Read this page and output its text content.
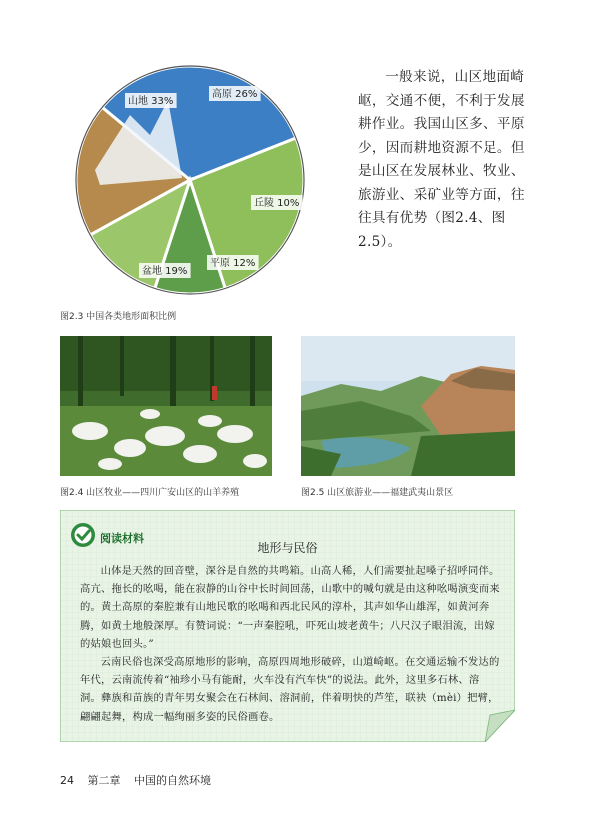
山地 33%
高原 26%
丘陵 10%
平原 12%
盆地 19%

一般来说，山区地面崎岖，交通不便，不利于发展耕作业。我国山区多、平原少，因而耕地资源不足。但是山区在发展林业、牧业、旅游业、采矿业等方面，往往具有优势（图2.4、图2.5）。

图2.3 中国各类地形面积比例
图2.4 山区牧业——四川广安山区的山羊养殖	图2.5 山区旅游业——福建武夷山景区
阅读材料
地形与民俗

山体是天然的回音壁，深谷是自然的共鸣箱。山高人稀，人们需要扯起嗓子招呼同伴。高亢、拖长的吆喝，能在寂静的山谷中长时间回荡，山歌中的喊句就是由这种吆喝演变而来的。黄土高原的秦腔兼有山地民歌的吆喝和西北民风的淳朴，其声如华山雄浑，如黄河奔腾，如黄土地般深厚。有赞词说：“一声秦腔吼，吓死山坡老黄牛；八尺汉子眼泪流，出嫁的姑娘也回头。”

云南民俗也深受高原地形的影响，高原四周地形破碎，山道崎岖。在交通运输不发达的年代，云南流传着“袖珍小马有能耐，火车没有汽车快”的说法。此外，这里多石林、溶洞。彝族和苗族的青年男女聚会在石林间、溶洞前，伴着明快的芦笙，联袂（mèi）把臂，翩翩起舞，构成一幅绚丽多姿的民俗画卷。

24 第二章 中国的自然环境
